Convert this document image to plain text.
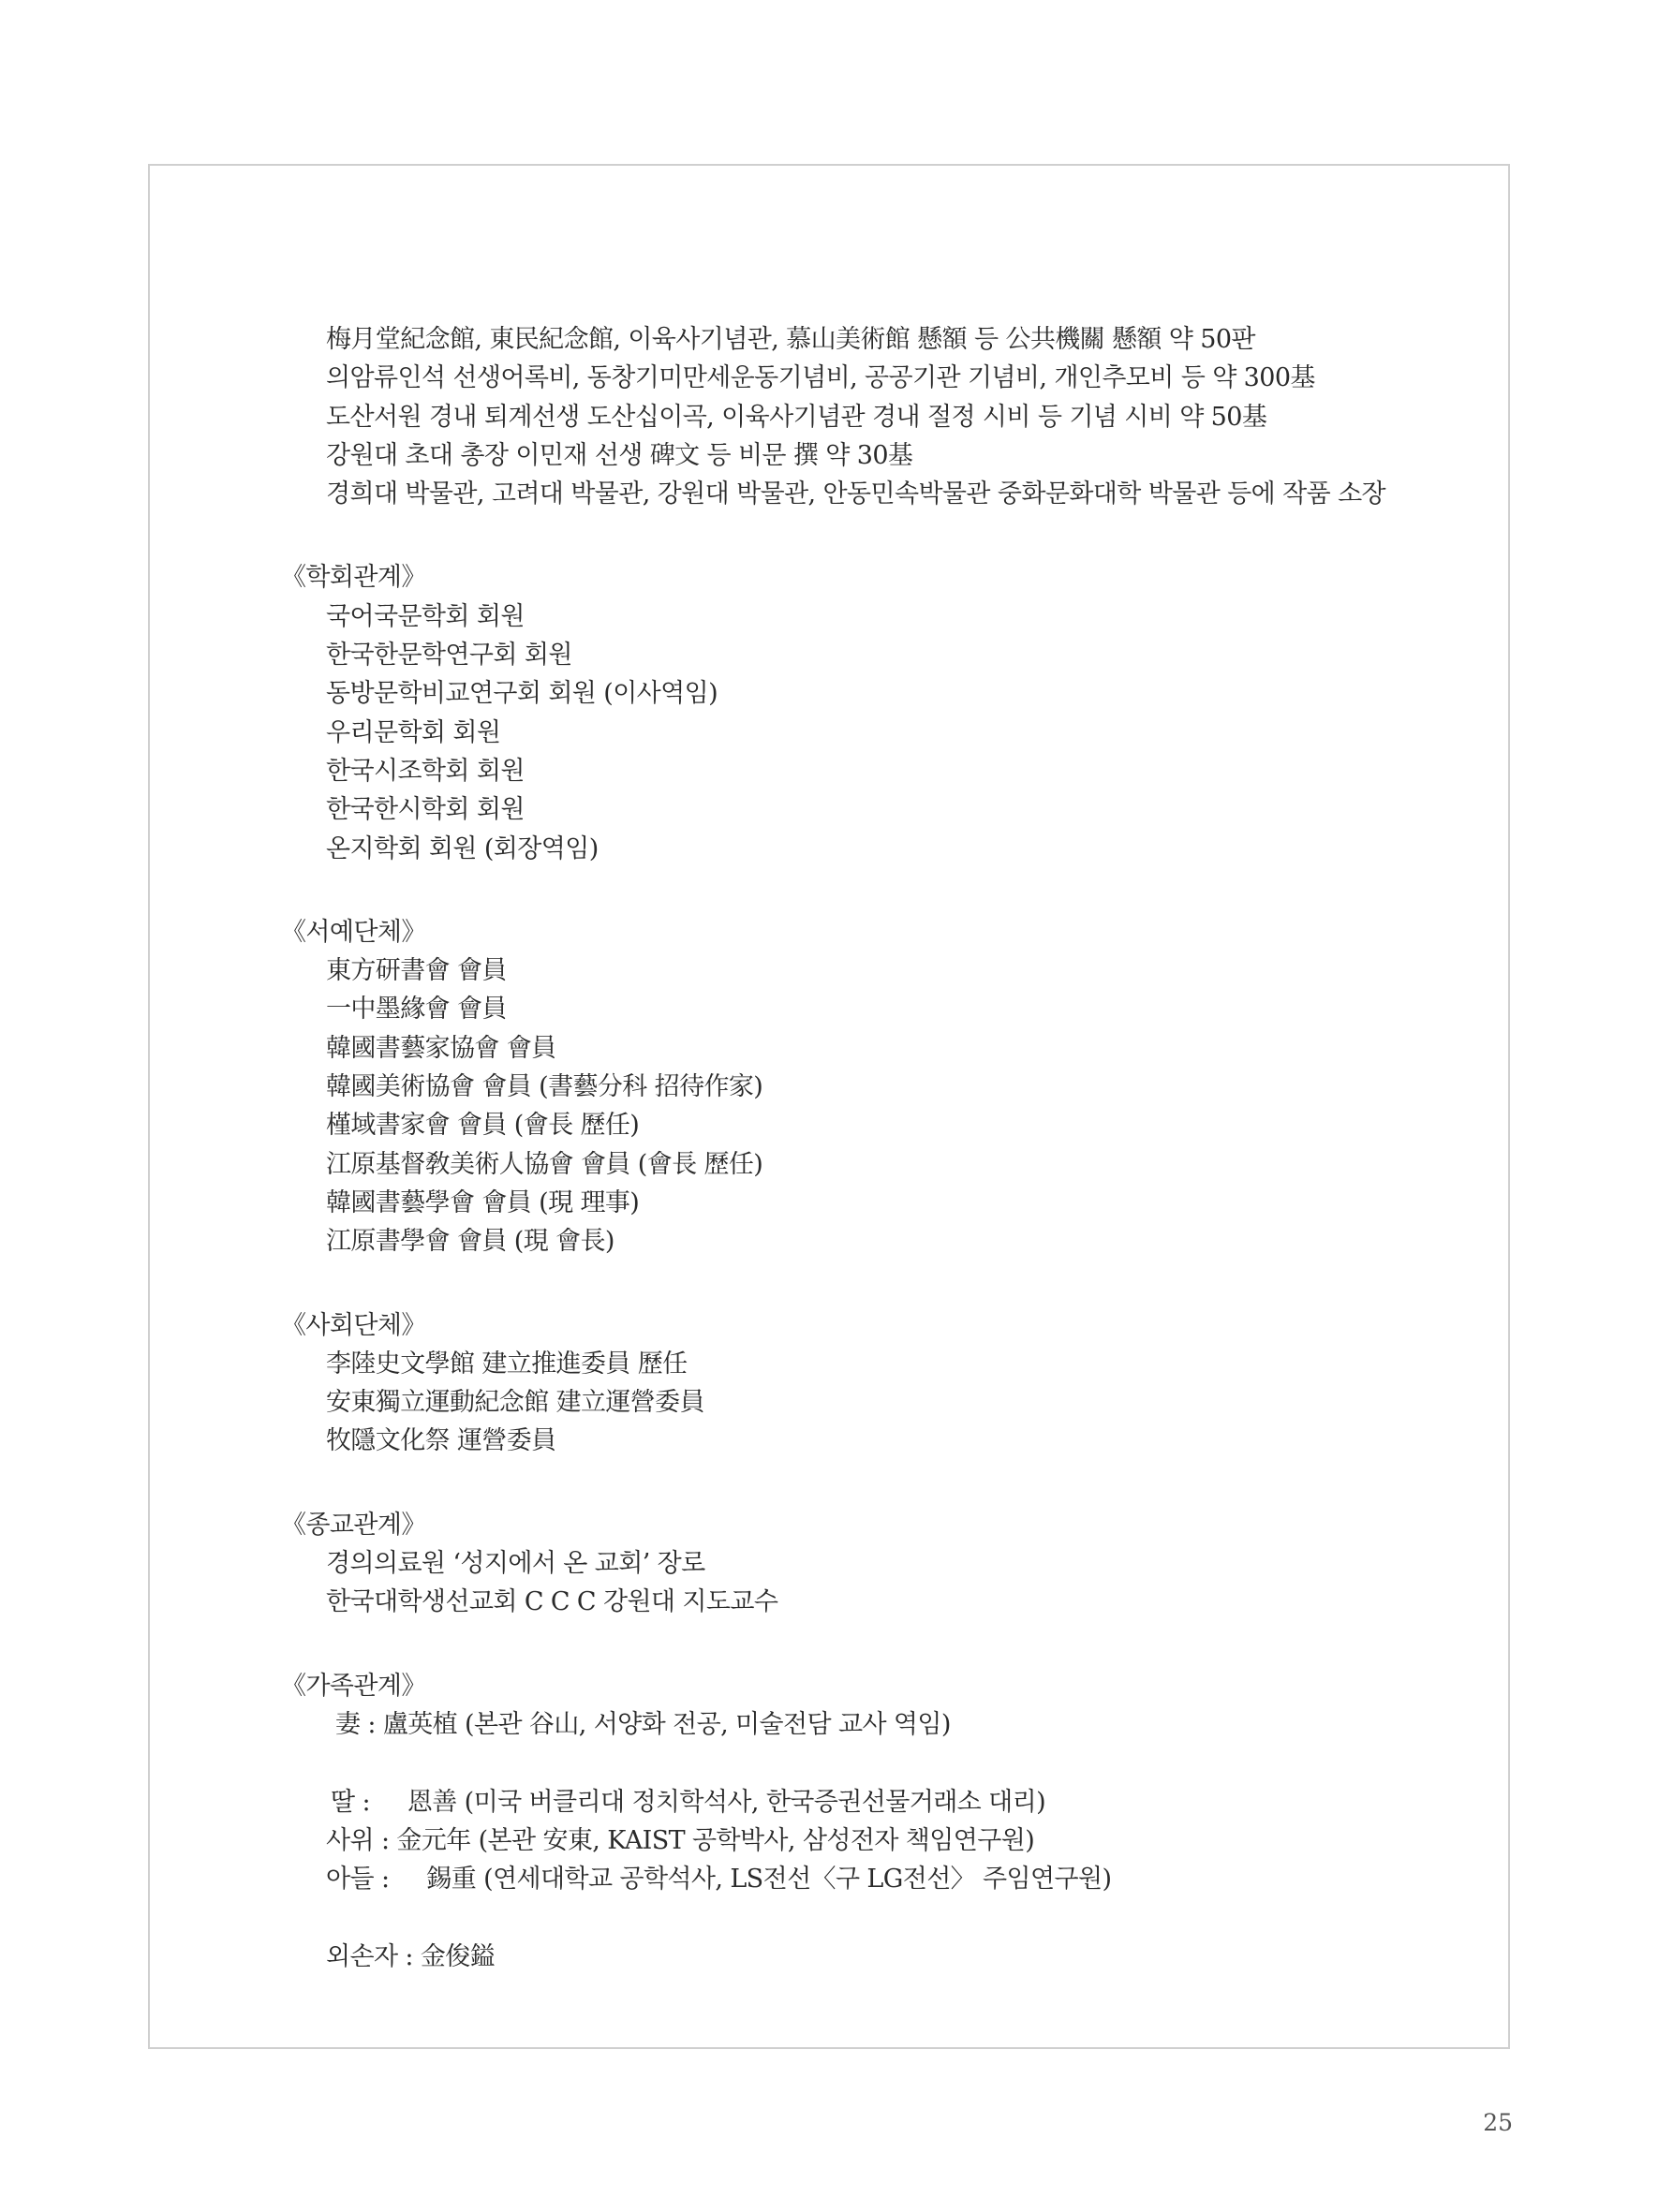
梅月堂紀念館, 東民紀念館, 이육사기념관, 慕山美術館 懸額 등 公共機關 懸額 약 50판
의암류인석 선생어록비, 동창기미만세운동기념비, 공공기관 기념비, 개인추모비 등 약 300基
도산서원 경내 퇴계선생 도산십이곡, 이육사기념관 경내 절정 시비 등 기념 시비 약 50基
강원대 초대 총장 이민재 선생 碑文 등 비문 撰 약 30基
경희대 박물관, 고려대 박물관, 강원대 박물관, 안동민속박물관 중화문화대학 박물관 등에 작품 소장
《학회관계》
국어국문학회 회원
한국한문학연구회 회원
동방문학비교연구회 회원 (이사역임)
우리문학회 회원
한국시조학회 회원
한국한시학회 회원
온지학회 회원 (회장역임)
《서예단체》
東方研書會 會員
一中墨緣會 會員
韓國書藝家協會 會員
韓國美術協會 會員 (書藝分科 招待作家)
槿域書家會 會員 (會長 歷任)
江原基督敎美術人協會 會員 (會長 歷任)
韓國書藝學會 會員 (現 理事)
江原書學會 會員 (現 會長)
《사회단체》
李陸史文學館 建立推進委員 歷任
安東獨立運動紀念館 建立運營委員
牧隱文化祭 運營委員
《종교관계》
경의의료원 ‘성지에서 온 교회’ 장로
한국대학생선교회 C C C 강원대 지도교수
《가족관계》
妻 : 盧英植 (본관 谷山, 서양화 전공, 미술전담 교사 역임)
딸 :     恩善 (미국 버클리대 정치학석사, 한국증권선물거래소 대리)
사위 : 金元年 (본관 安東, KAIST 공학박사, 삼성전자 책임연구원)
아들 :     錫重 (연세대학교 공학석사, LS전선〈구 LG전선〉 주임연구원)
외손자 : 金俊鎰
25
